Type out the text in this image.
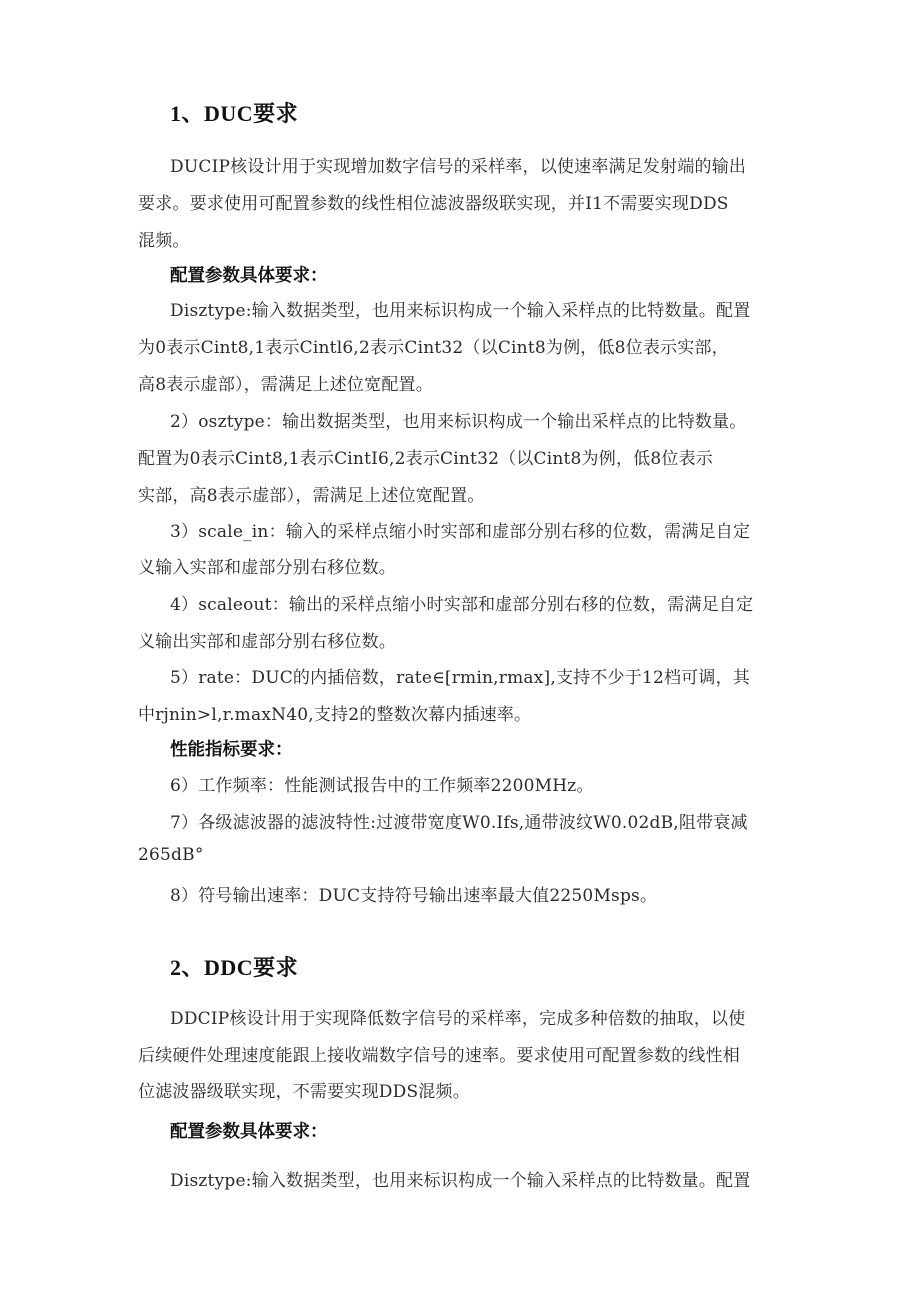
1、DUC要求
DUCIP核设计用于实现增加数字信号的采样率，以使速率满足发射端的输出
要求。要求使用可配置参数的线性相位滤波器级联实现，并I1不需要实现DDS
混频。
配置参数具体要求：
Disztype:输入数据类型，也用来标识构成一个输入采样点的比特数量。配置
为0表示Cint8,1表示Cintl6,2表示Cint32（以Cint8为例，低8位表示实部，
高8表示虚部），需满足上述位宽配置。
2）osztype：输出数据类型，也用来标识构成一个输出采样点的比特数量。
配置为0表示Cint8,1表示CintI6,2表示Cint32（以Cint8为例，低8位表示
实部，高8表示虚部），需满足上述位宽配置。
3）scale_in：输入的采样点缩小时实部和虚部分别右移的位数，需满足自定
义输入实部和虚部分别右移位数。
4）scaleout：输出的采样点缩小时实部和虚部分别右移的位数，需满足自定
义输出实部和虚部分别右移位数。
5）rate：DUC的内插倍数，rate∈[rmin,rmax],支持不少于12档可调，其
中rjnin>l,r.maxN40,支持2的整数次幕内插速率。
性能指标要求：
6）工作频率：性能测试报告中的工作频率2200MHz。
7）各级滤波器的滤波特性:过渡带宽度W0.Ifs,通带波纹W0.02dB,阻带衰减
265dB°
8）符号输出速率：DUC支持符号输出速率最大值2250Msps。
2、DDC要求
DDCIP核设计用于实现降低数字信号的采样率，完成多种倍数的抽取，以使
后续硬件处理速度能跟上接收端数字信号的速率。要求使用可配置参数的线性相
位滤波器级联实现，不需要实现DDS混频。
配置参数具体要求：
Disztype:输入数据类型，也用来标识构成一个输入采样点的比特数量。配置
